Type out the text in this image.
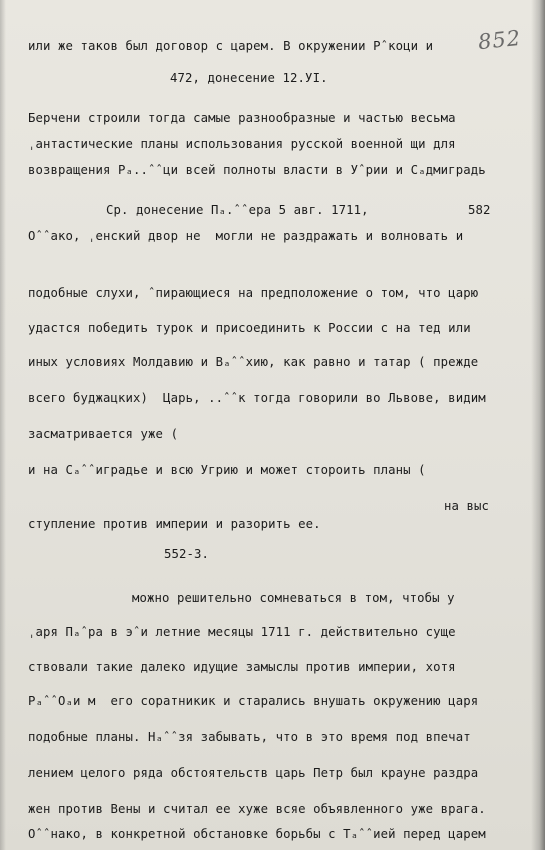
852
или же таков был договор с царем. В окружении Рˆкоци и
472, донесение 12.УI.
Берчени строили тогда самые разнообразные и частью весьма
ˌантастические планы использования русской военной щи для
возвращения Рₐ..ˆˆци всей полноты власти в Уˆрии и Сₐдмиградь
Ср. донесение Пₐ.ˆˆера 5 авг. 1711,	582
Оˆˆако, ˌенский двор не  могли не раздражать и волновать и
подобные слухи, ˆпирающиеся на предположение о том, что царю
удастся победить турок и присоединить к России с на тед или
иных условиях Молдавию и Вₐˆˆхию, как равно и татар ( прежде
всего буджацких)  Царь, ..ˆˆк тогда говорили во Львове, видим
засматривается уже (
и на Сₐˆˆиградье и всю Угрию и может стороить планы (
на выс
ступление против империи и разорить ее.
552-3.
можно решительно сомневаться в том, чтобы у
ˌаря Пₐˆра в эˆи летние месяцы 1711 г. действительно суще
ствовали такие далеко идущие замыслы против империи, хотя
РₐˆˆОₐи м  его соратникик и старались внушать окружению царя
подобные планы. Нₐˆˆзя забывать, что в это время под впечат
лением целого ряда обстоятельств царь Петр был крауне раздра
жен против Вены и считал ее хуже всяе объявленного уже врага.
Оˆˆнако, в конкретной обстановке борьбы с Тₐˆˆией перед царем
